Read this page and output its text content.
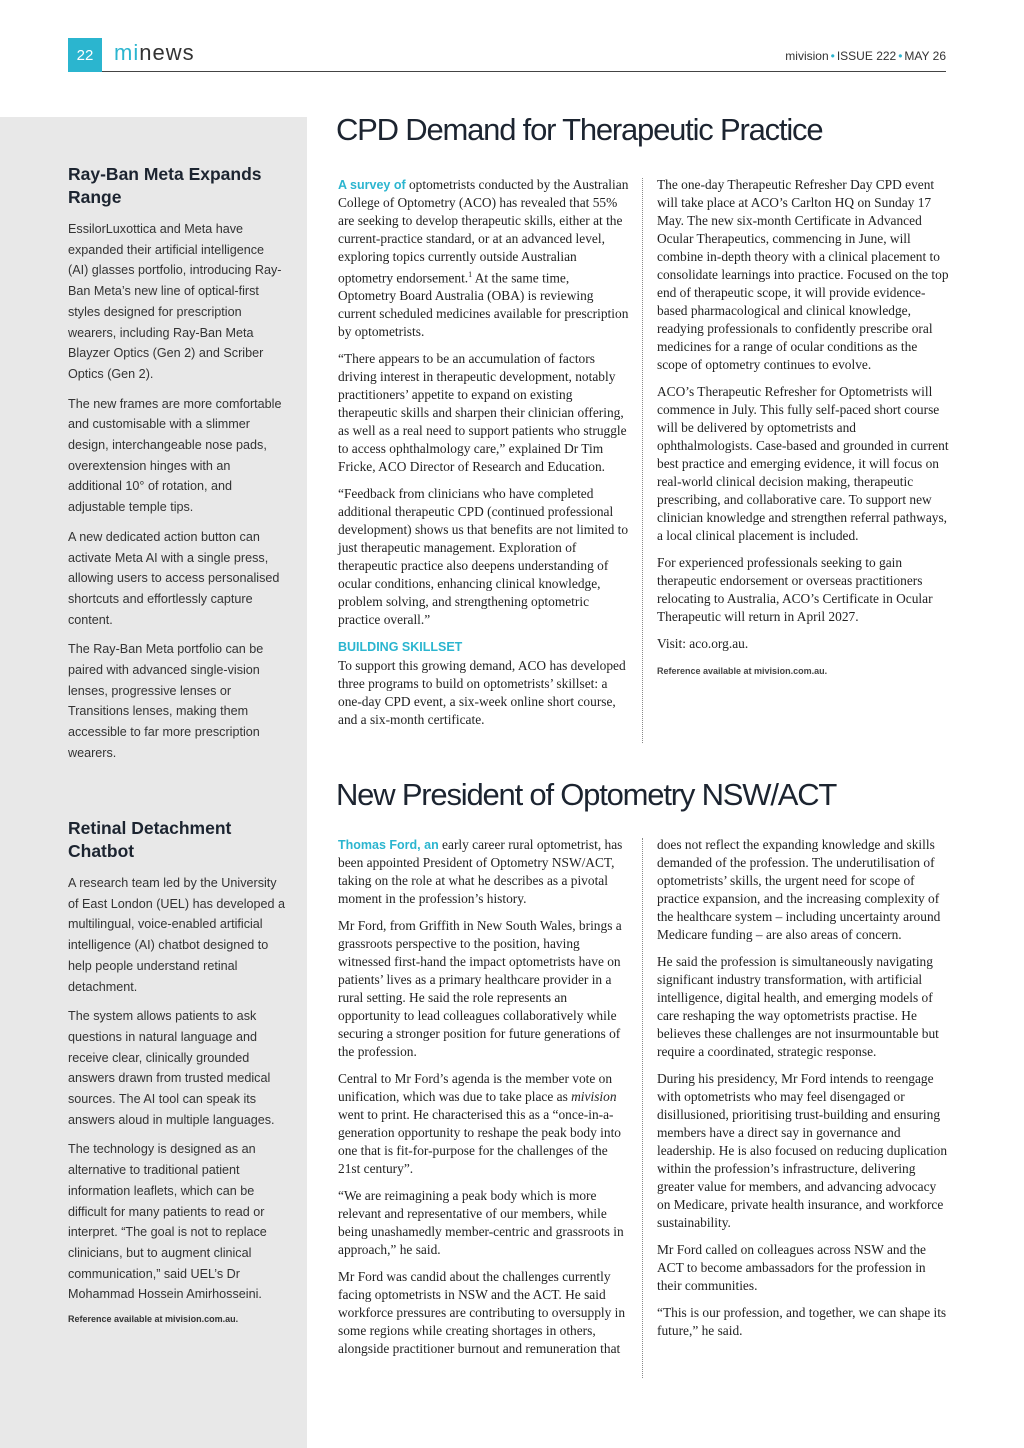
22 minews	mivision • ISSUE 222 • MAY 26
Ray-Ban Meta Expands Range

EssilorLuxottica and Meta have expanded their artificial intelligence (AI) glasses portfolio, introducing Ray-Ban Meta’s new line of optical-first styles designed for prescription wearers, including Ray-Ban Meta Blayzer Optics (Gen 2) and Scriber Optics (Gen 2).

The new frames are more comfortable and customisable with a slimmer design, interchangeable nose pads, overextension hinges with an additional 10° of rotation, and adjustable temple tips.

A new dedicated action button can activate Meta AI with a single press, allowing users to access personalised shortcuts and effortlessly capture content.

The Ray-Ban Meta portfolio can be paired with advanced single-vision lenses, progressive lenses or Transitions lenses, making them accessible to far more prescription wearers.

Retinal Detachment Chatbot

A research team led by the University of East London (UEL) has developed a multilingual, voice-enabled artificial intelligence (AI) chatbot designed to help people understand retinal detachment.

The system allows patients to ask questions in natural language and receive clear, clinically grounded answers drawn from trusted medical sources. The AI tool can speak its answers aloud in multiple languages.

The technology is designed as an alternative to traditional patient information leaflets, which can be difficult for many patients to read or interpret. “The goal is not to replace clinicians, but to augment clinical communication,” said UEL’s Dr Mohammad Hossein Amirhosseini.

Reference available at mivision.com.au.
CPD Demand for Therapeutic Practice

A survey of optometrists conducted by the Australian College of Optometry (ACO) has revealed that 55% are seeking to develop therapeutic skills, either at the current-practice standard, or at an advanced level, exploring topics currently outside Australian optometry endorsement.$^1$ At the same time, Optometry Board Australia (OBA) is reviewing current scheduled medicines available for prescription by optometrists.

“There appears to be an accumulation of factors driving interest in therapeutic development, notably practitioners’ appetite to expand on existing therapeutic skills and sharpen their clinician offering, as well as a real need to support patients who struggle to access ophthalmology care,” explained Dr Tim Fricke, ACO Director of Research and Education.

“Feedback from clinicians who have completed additional therapeutic CPD (continued professional development) shows us that benefits are not limited to just therapeutic management. Exploration of therapeutic practice also deepens understanding of ocular conditions, enhancing clinical knowledge, problem solving, and strengthening optometric practice overall.”

BUILDING SKILLSET

To support this growing demand, ACO has developed three programs to build on optometrists’ skillset: a one-day CPD event, a six-week online short course, and a six-month certificate.

The one-day Therapeutic Refresher Day CPD event will take place at ACO’s Carlton HQ on Sunday 17 May. The new six-month Certificate in Advanced Ocular Therapeutics, commencing in June, will combine in-depth theory with a clinical placement to consolidate learnings into practice. Focused on the top end of therapeutic scope, it will provide evidence-based pharmacological and clinical knowledge, readying professionals to confidently prescribe oral medicines for a range of ocular conditions as the scope of optometry continues to evolve.

ACO’s Therapeutic Refresher for Optometrists will commence in July. This fully self-paced short course will be delivered by optometrists and ophthalmologists. Case-based and grounded in current best practice and emerging evidence, it will focus on real-world clinical decision making, therapeutic prescribing, and collaborative care. To support new clinician knowledge and strengthen referral pathways, a local clinical placement is included.

For experienced professionals seeking to gain therapeutic endorsement or overseas practitioners relocating to Australia, ACO’s Certificate in Ocular Therapeutic will return in April 2027.

Visit: aco.org.au.

Reference available at mivision.com.au.
New President of Optometry NSW/ACT

Thomas Ford, an early career rural optometrist, has been appointed President of Optometry NSW/ACT, taking on the role at what he describes as a pivotal moment in the profession’s history.

Mr Ford, from Griffith in New South Wales, brings a grassroots perspective to the position, having witnessed first-hand the impact optometrists have on patients’ lives as a primary healthcare provider in a rural setting. He said the role represents an opportunity to lead colleagues collaboratively while securing a stronger position for future generations of the profession.

Central to Mr Ford’s agenda is the member vote on unification, which was due to take place as mivision went to print. He characterised this as a “once-in-a-generation opportunity to reshape the peak body into one that is fit-for-purpose for the challenges of the 21st century”.

“We are reimagining a peak body which is more relevant and representative of our members, while being unashamedly member-centric and grassroots in approach,” he said.

Mr Ford was candid about the challenges currently facing optometrists in NSW and the ACT. He said workforce pressures are contributing to oversupply in some regions while creating shortages in others, alongside practitioner burnout and remuneration that

does not reflect the expanding knowledge and skills demanded of the profession. The underutilisation of optometrists’ skills, the urgent need for scope of practice expansion, and the increasing complexity of the healthcare system – including uncertainty around Medicare funding – are also areas of concern.

He said the profession is simultaneously navigating significant industry transformation, with artificial intelligence, digital health, and emerging models of care reshaping the way optometrists practise. He believes these challenges are not insurmountable but require a coordinated, strategic response.

During his presidency, Mr Ford intends to reengage with optometrists who may feel disengaged or disillusioned, prioritising trust-building and ensuring members have a direct say in governance and leadership. He is also focused on reducing duplication within the profession’s infrastructure, delivering greater value for members, and advancing advocacy on Medicare, private health insurance, and workforce sustainability.

Mr Ford called on colleagues across NSW and the ACT to become ambassadors for the profession in their communities.

“This is our profession, and together, we can shape its future,” he said.
